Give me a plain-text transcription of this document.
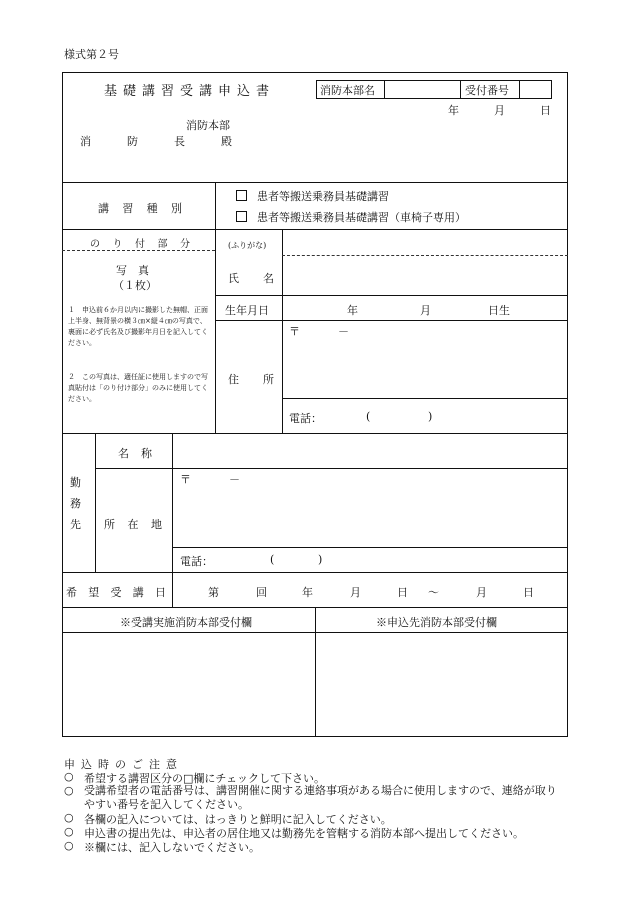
様式第２号
消防本部名	受付番号
基礎講習受講申込書
年	月	日
消防本部
消	防	長	殿
講 習 種 別
患者等搬送乗務員基礎講習
患者等搬送乗務員基礎講習（車椅子専用）
の り 付 部 分
写　真
（１枚）
１　申込前６か月以内に撮影した無帽、正面上半身、無背景の横３㎝×縦４㎝の写真で、裏面に必ず氏名及び撮影年月日を記入してください。
２　この写真は、適任証に使用しますので写真貼付は「のり付け部分」のみに使用してください。
(ふりがな)
氏 名
生年月日	年	月	日生
住 所
〒	－
電話：	(	)
勤務先
名 称
所 在 地
〒	－
電話：	(	)
希 望 受 講 日	第	回	年	月	日 ～	月	日
※受講実施消防本部受付欄	※申込先消防本部受付欄
申込時のご注意
○ 希望する講習区分の□欄にチェックして下さい。
○ 受講希望者の電話番号は、講習開催に関する連絡事項がある場合に使用しますので、連絡が取りやすい番号を記入してください。
○ 各欄の記入については、はっきりと鮮明に記入してください。
○ 申込書の提出先は、申込者の居住地又は勤務先を管轄する消防本部へ提出してください。
○ ※欄には、記入しないでください。
